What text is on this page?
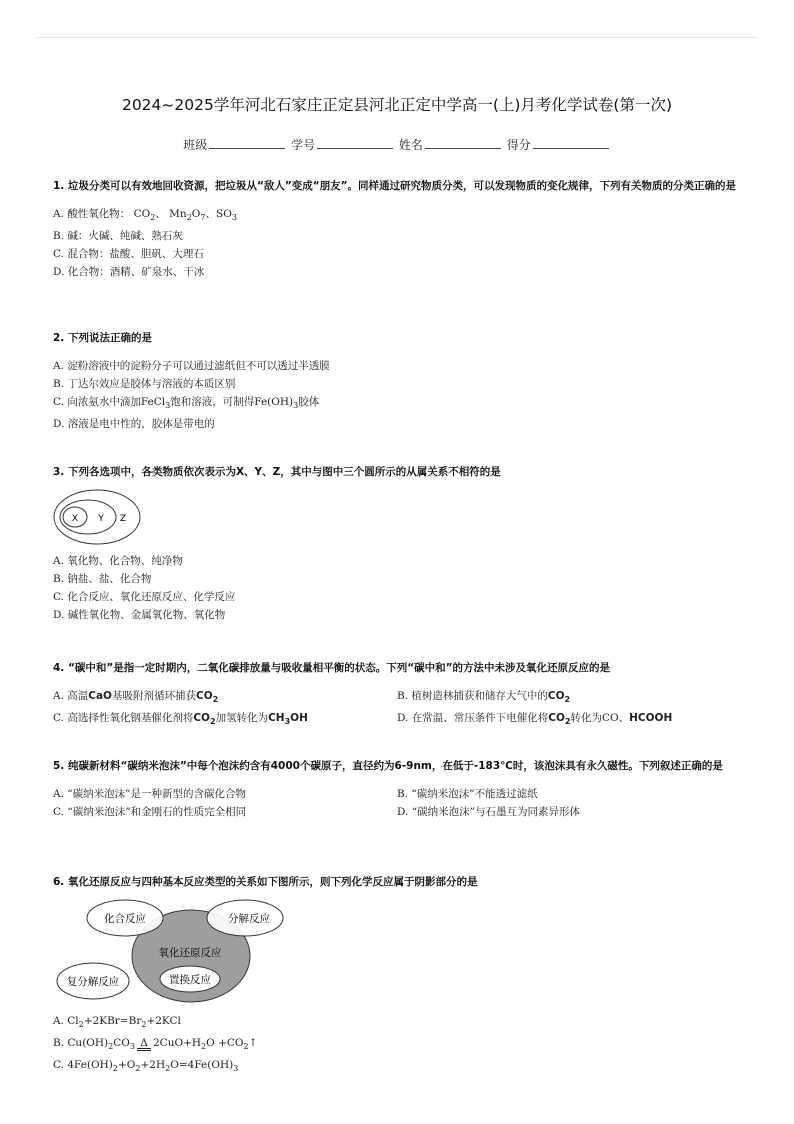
2024~2025学年河北石家庄正定县河北正定中学高一(上)月考化学试卷(第一次)
班级	学号	姓名	得分
1. 垃圾分类可以有效地回收资源，把垃圾从“敌人”变成“朋友”。同样通过研究物质分类，可以发现物质的变化规律，下列有关物质的分类正确的是
A. 酸性氧化物： $CO_2$、 $Mn_2O_7$、$SO_3$
B. 碱：火碱、纯碱、熟石灰
C. 混合物：盐酸、胆矾、大理石
D. 化合物：酒精、矿泉水、干冰
2. 下列说法正确的是
A. 淀粉溶液中的淀粉分子可以通过滤纸但不可以透过半透膜
B. 丁达尔效应是胶体与溶液的本质区别
C. 向浓氨水中滴加FeCl$_3$饱和溶液，可制得$Fe(OH)_3$胶体
D. 溶液是电中性的，胶体是带电的
3. 下列各选项中，各类物质依次表示为X、Y、Z，其中与图中三个圆所示的从属关系不相符的是
X Y Z
A. 氧化物、化合物、纯净物
B. 钠盐、盐、化合物
C. 化合反应、氧化还原反应、化学反应
D. 碱性氧化物、金属氧化物、氧化物
4. “碳中和”是指一定时期内，二氧化碳排放量与吸收量相平衡的状态。下列“碳中和”的方法中未涉及氧化还原反应的是
A. 高温CaO基吸附剂循环捕获$CO_2$	B. 植树造林捕获和储存大气中的$CO_2$
C. 高选择性氧化铟基催化剂将$CO_2$加氢转化为$CH_3OH$	D. 在常温、常压条件下电催化将$CO_2$转化为CO、HCOOH
5. 纯碳新材料“碳纳米泡沫”中每个泡沫约含有4000个碳原子，直径约为6-9nm，在低于-183℃时，该泡沫具有永久磁性。下列叙述正确的是
A. “碳纳米泡沫”是一种新型的含碳化合物	B. “碳纳米泡沫”不能透过滤纸
C. “碳纳米泡沫”和金刚石的性质完全相同	D. “碳纳米泡沫”与石墨互为同素异形体
6. 氧化还原反应与四种基本反应类型的关系如下图所示，则下列化学反应属于阴影部分的是
化合反应	分解反应
氧化还原反应
置换反应
复分解反应
A. $Cl_2+2KBr=Br_2+2KCl$
B. $Cu(OH)_2CO_3$ Δ $2CuO+H_2O$ $+CO_2↑$
C. $4Fe(OH)_2+O_2+2H_2O=4Fe(OH)_3$
